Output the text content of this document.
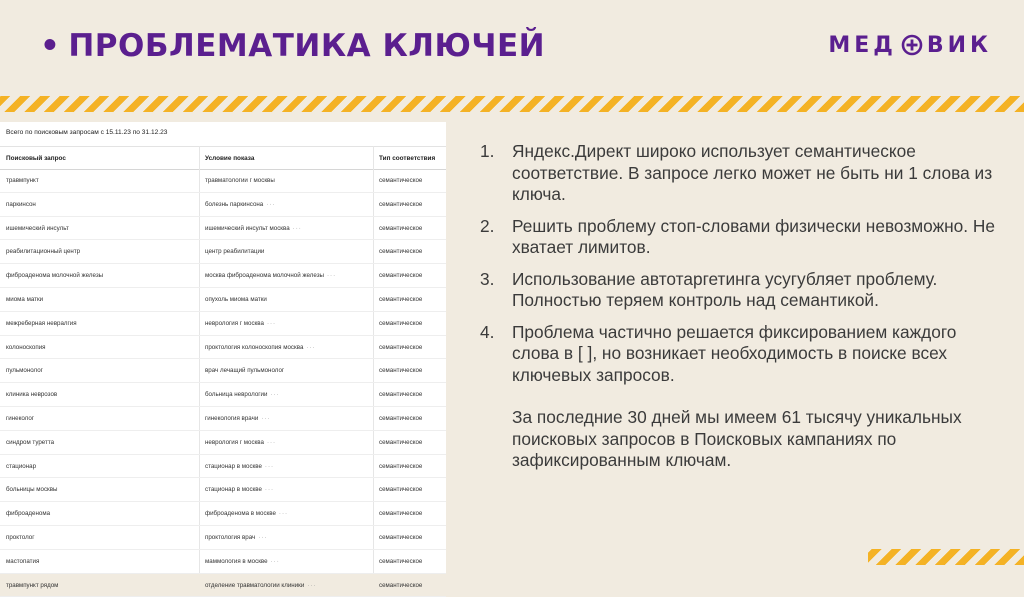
• ПРОБЛЕМАТИКА КЛЮЧЕЙ	МЕД ВИК
Всего по поисковым запросам с 15.11.23 по 31.12.23
Поисковый запрос	Условие показа	Тип соответствия
травмпункт	травматологии г москвы	семантическое
паркинсон	болезнь паркинсона ···	семантическое
ишемический инсульт	ишемический инсульт москва ···	семантическое
реабилитационный центр	центр реабилитации	семантическое
фиброаденома молочной железы	москва фиброаденома молочной железы ···	семантическое
миома матки	опухоль миома матки	семантическое
межреберная невралгия	неврология г москва ···	семантическое
колоноскопия	проктология колоноскопия москва ···	семантическое
пульмонолог	врач лечащий пульмонолог	семантическое
клиника неврозов	больница неврологии ···	семантическое
гинеколог	гинекология врачи ···	семантическое
синдром туретта	неврология г москва ···	семантическое
стационар	стационар в москве ···	семантическое
больницы москвы	стационар в москве ···	семантическое
фиброаденома	фиброаденома в москве ···	семантическое
проктолог	проктология врач ···	семантическое
мастопатия	маммология в москве ···	семантическое
травмпункт рядом	отделение травматологии клиники ···	семантическое
1. Яндекс.Директ широко использует семантическое соответствие. В запросе легко может не быть ни 1 слова из ключа.
2. Решить проблему стоп-словами физически невозможно. Не хватает лимитов.
3. Использование автотаргетинга усугубляет проблему. Полностью теряем контроль над семантикой.
4. Проблема частично решается фиксированием каждого слова в [ ], но возникает необходимость в поиске всех ключевых запросов.
За последние 30 дней мы имеем 61 тысячу уникальных поисковых запросов в Поисковых кампаниях по зафиксированным ключам.
